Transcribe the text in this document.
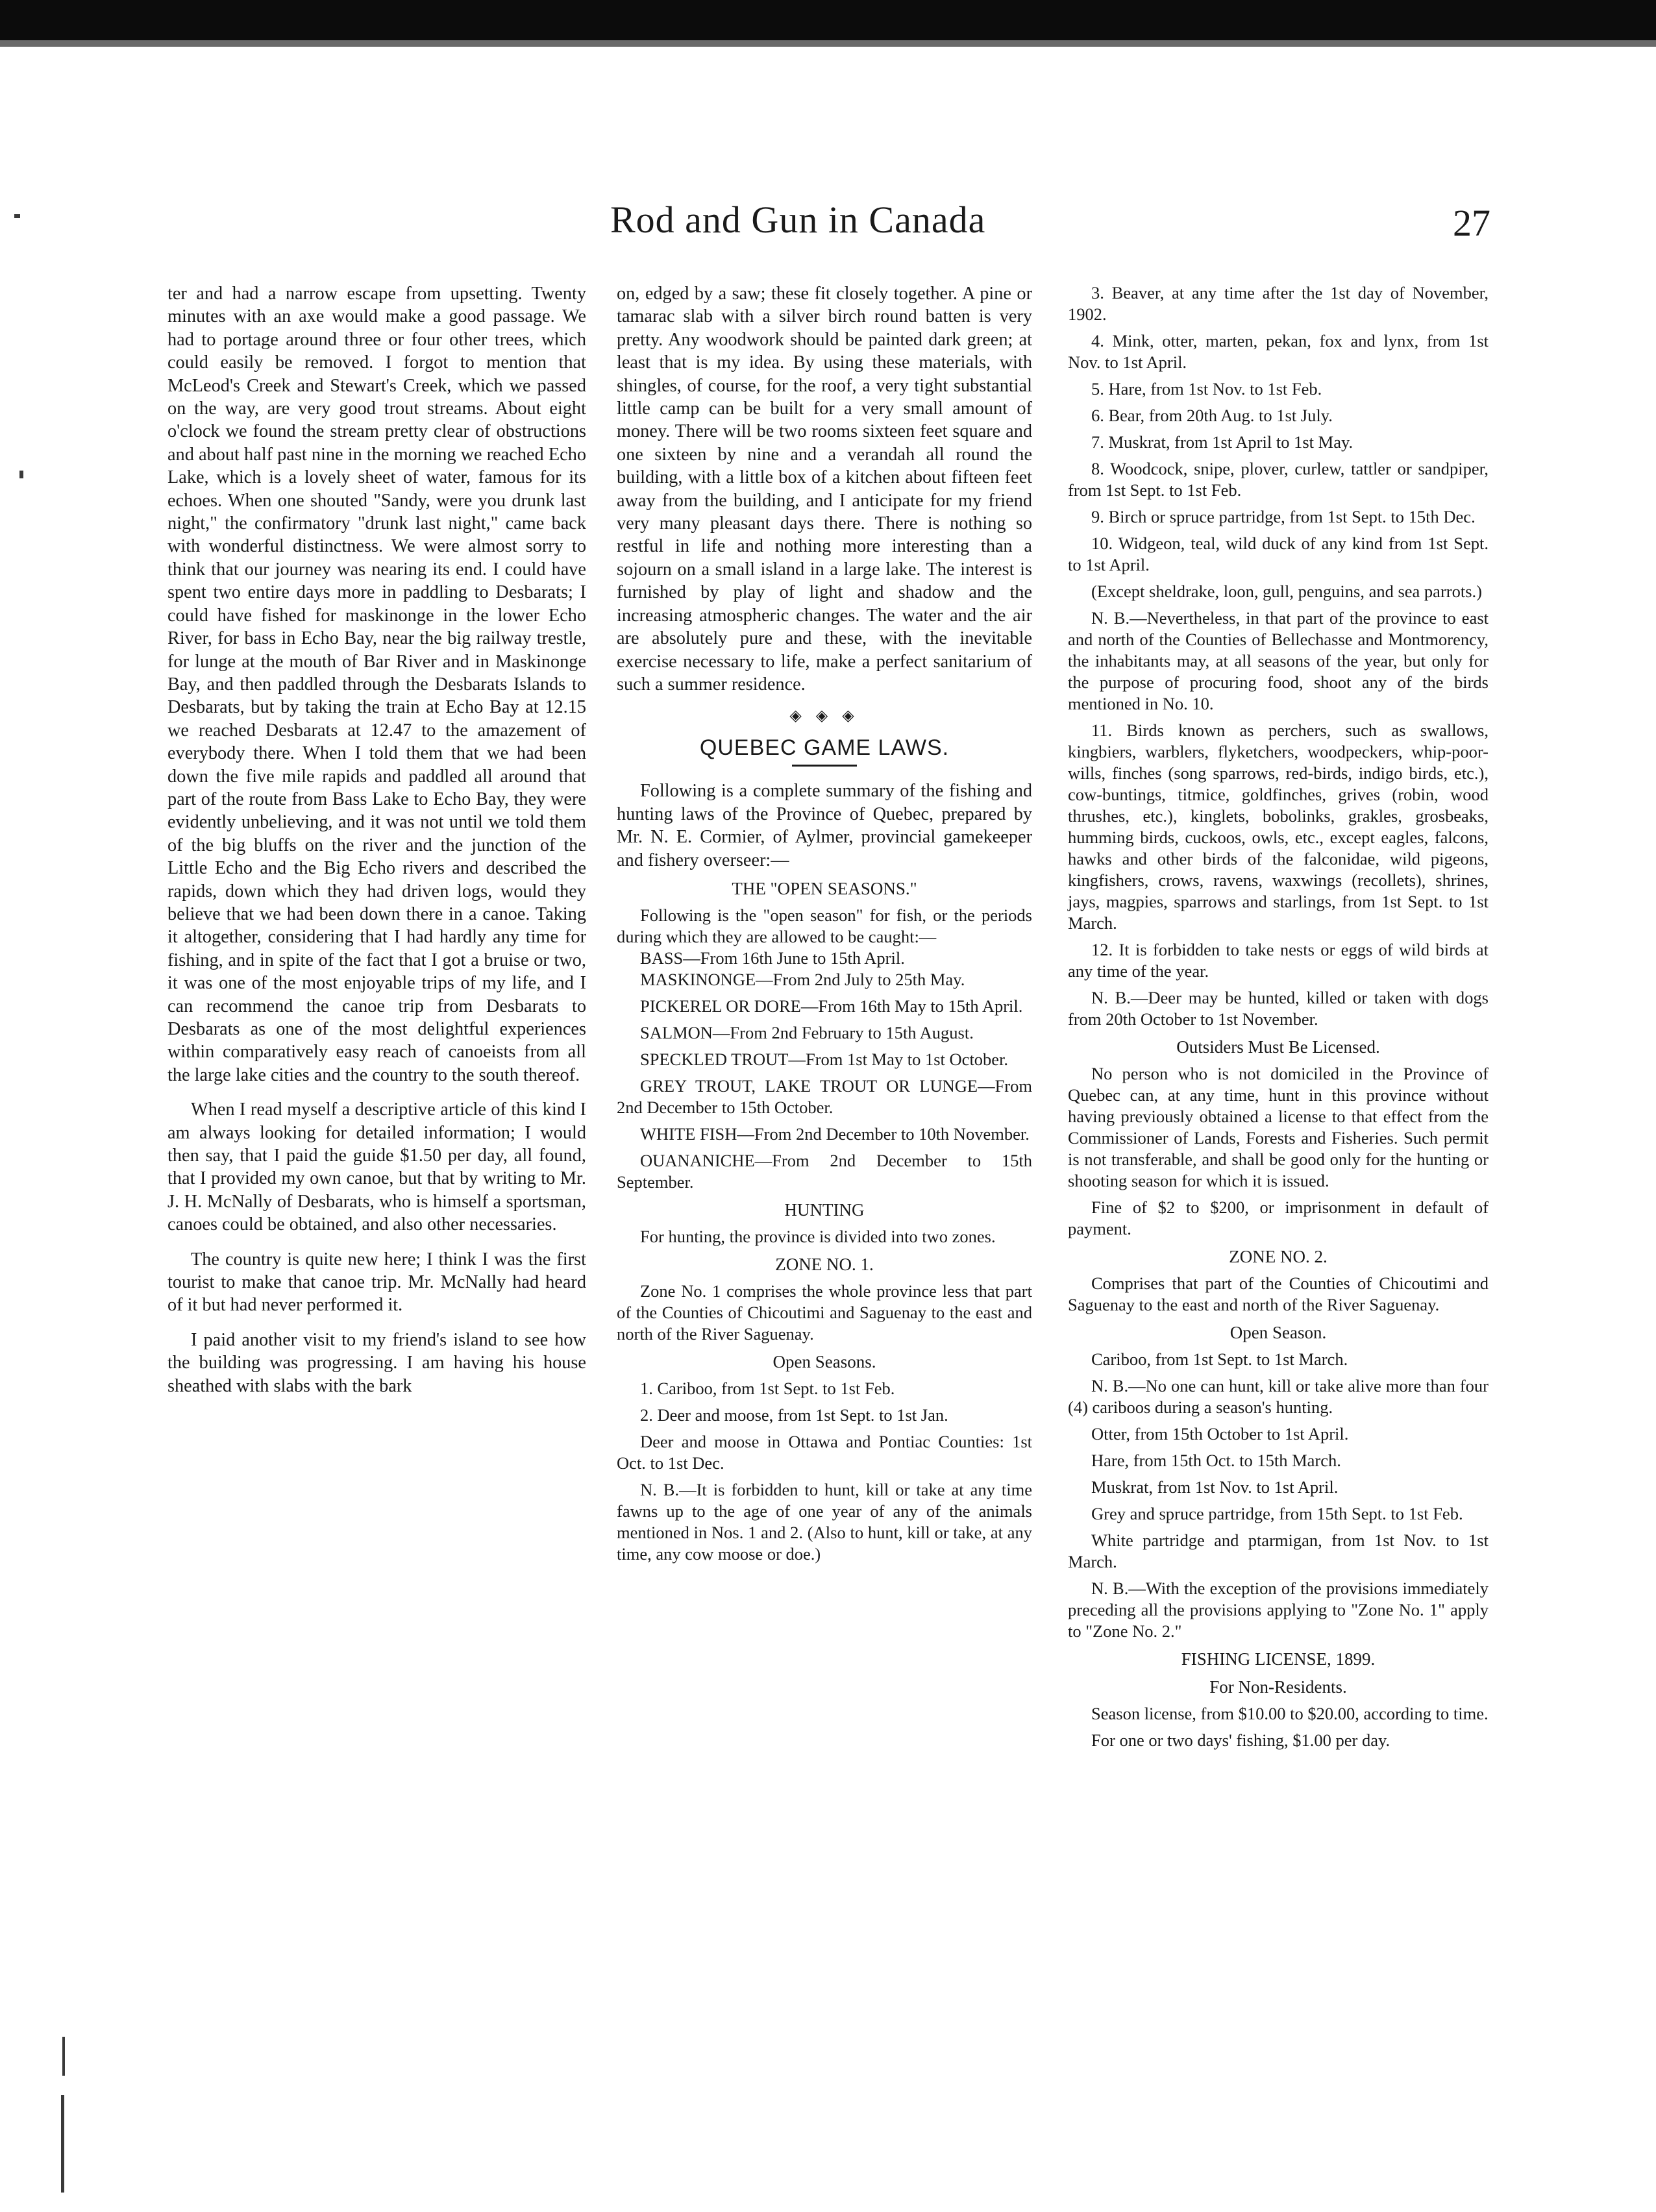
Rod and Gun in Canada	27

ter and had a narrow escape from upsetting. Twenty minutes with an axe would make a good passage. We had to portage around three or four other trees, which could easily be removed. I forgot to mention that McLeod's Creek and Stewart's Creek, which we passed on the way, are very good trout streams. About eight o'clock we found the stream pretty clear of obstructions and about half past nine in the morning we reached Echo Lake, which is a lovely sheet of water, famous for its echoes. When one shouted "Sandy, were you drunk last night," the confirmatory "drunk last night," came back with wonderful distinctness. We were almost sorry to think that our journey was nearing its end. I could have spent two entire days more in paddling to Desbarats; I could have fished for maskinonge in the lower Echo River, for bass in Echo Bay, near the big railway trestle, for lunge at the mouth of Bar River and in Maskinonge Bay, and then paddled through the Desbarats Islands to Desbarats, but by taking the train at Echo Bay at 12.15 we reached Desbarats at 12.47 to the amazement of everybody there. When I told them that we had been down the five mile rapids and paddled all around that part of the route from Bass Lake to Echo Bay, they were evidently unbelieving, and it was not until we told them of the big bluffs on the river and the junction of the Little Echo and the Big Echo rivers and described the rapids, down which they had driven logs, would they believe that we had been down there in a canoe. Taking it altogether, considering that I had hardly any time for fishing, and in spite of the fact that I got a bruise or two, it was one of the most enjoyable trips of my life, and I can recommend the canoe trip from Desbarats to Desbarats as one of the most delightful experiences within comparatively easy reach of canoeists from all the large lake cities and the country to the south thereof.

When I read myself a descriptive article of this kind I am always looking for detailed information; I would then say, that I paid the guide $1.50 per day, all found, that I provided my own canoe, but that by writing to Mr. J. H. McNally of Desbarats, who is himself a sportsman, canoes could be obtained, and also other necessaries.

The country is quite new here; I think I was the first tourist to make that canoe trip. Mr. McNally had heard of it but had never performed it.

I paid another visit to my friend's island to see how the building was progressing. I am having his house sheathed with slabs with the bark

on, edged by a saw; these fit closely together. A pine or tamarac slab with a silver birch round batten is very pretty. Any woodwork should be painted dark green; at least that is my idea. By using these materials, with shingles, of course, for the roof, a very tight substantial little camp can be built for a very small amount of money. There will be two rooms sixteen feet square and one sixteen by nine and a verandah all round the building, with a little box of a kitchen about fifteen feet away from the building, and I anticipate for my friend very many pleasant days there. There is nothing so restful in life and nothing more interesting than a sojourn on a small island in a large lake. The interest is furnished by play of light and shadow and the increasing atmospheric changes. The water and the air are absolutely pure and these, with the inevitable exercise necessary to life, make a perfect sanitarium of such a summer residence.

◈ ◈ ◈
QUEBEC GAME LAWS.

Following is a complete summary of the fishing and hunting laws of the Province of Quebec, prepared by Mr. N. E. Cormier, of Aylmer, provincial gamekeeper and fishery overseer:—

THE "OPEN SEASONS."

Following is the "open season" for fish, or the periods during which they are allowed to be caught:—

BASS—From 16th June to 15th April.

MASKINONGE—From 2nd July to 25th May.

PICKEREL OR DORE—From 16th May to 15th April.

SALMON—From 2nd February to 15th August.

SPECKLED TROUT—From 1st May to 1st October.

GREY TROUT, LAKE TROUT OR LUNGE—From 2nd December to 15th October.

WHITE FISH—From 2nd December to 10th November.

OUANANICHE—From 2nd December to 15th September.

HUNTING

For hunting, the province is divided into two zones.

ZONE NO. 1.

Zone No. 1 comprises the whole province less that part of the Counties of Chicoutimi and Saguenay to the east and north of the River Saguenay.

Open Seasons.

1. Cariboo, from 1st Sept. to 1st Feb.

2. Deer and moose, from 1st Sept. to 1st Jan.

Deer and moose in Ottawa and Pontiac Counties: 1st Oct. to 1st Dec.

N. B.—It is forbidden to hunt, kill or take at any time fawns up to the age of one year of any of the animals mentioned in Nos. 1 and 2. (Also to hunt, kill or take, at any time, any cow moose or doe.)

3. Beaver, at any time after the 1st day of November, 1902.

4. Mink, otter, marten, pekan, fox and lynx, from 1st Nov. to 1st April.

5. Hare, from 1st Nov. to 1st Feb.

6. Bear, from 20th Aug. to 1st July.

7. Muskrat, from 1st April to 1st May.

8. Woodcock, snipe, plover, curlew, tattler or sandpiper, from 1st Sept. to 1st Feb.

9. Birch or spruce partridge, from 1st Sept. to 15th Dec.

10. Widgeon, teal, wild duck of any kind from 1st Sept. to 1st April.

(Except sheldrake, loon, gull, penguins, and sea parrots.)

N. B.—Nevertheless, in that part of the province to east and north of the Counties of Bellechasse and Montmorency, the inhabitants may, at all seasons of the year, but only for the purpose of procuring food, shoot any of the birds mentioned in No. 10.

11. Birds known as perchers, such as swallows, kingbiers, warblers, flyketchers, woodpeckers, whip-poor-wills, finches (song sparrows, red-birds, indigo birds, etc.), cow-buntings, titmice, goldfinches, grives (robin, wood thrushes, etc.), kinglets, bobolinks, grakles, grosbeaks, humming birds, cuckoos, owls, etc., except eagles, falcons, hawks and other birds of the falconidae, wild pigeons, kingfishers, crows, ravens, waxwings (recollets), shrines, jays, magpies, sparrows and starlings, from 1st Sept. to 1st March.

12. It is forbidden to take nests or eggs of wild birds at any time of the year.

N. B.—Deer may be hunted, killed or taken with dogs from 20th October to 1st November.

Outsiders Must Be Licensed.

No person who is not domiciled in the Province of Quebec can, at any time, hunt in this province without having previously obtained a license to that effect from the Commissioner of Lands, Forests and Fisheries. Such permit is not transferable, and shall be good only for the hunting or shooting season for which it is issued.

Fine of $2 to $200, or imprisonment in default of payment.

ZONE NO. 2.

Comprises that part of the Counties of Chicoutimi and Saguenay to the east and north of the River Saguenay.

Open Season.

Cariboo, from 1st Sept. to 1st March.

N. B.—No one can hunt, kill or take alive more than four (4) cariboos during a season's hunting.

Otter, from 15th October to 1st April.

Hare, from 15th Oct. to 15th March.

Muskrat, from 1st Nov. to 1st April.

Grey and spruce partridge, from 15th Sept. to 1st Feb.

White partridge and ptarmigan, from 1st Nov. to 1st March.

N. B.—With the exception of the provisions immediately preceding all the provisions applying to "Zone No. 1" apply to "Zone No. 2."

FISHING LICENSE, 1899.
For Non-Residents.

Season license, from $10.00 to $20.00, according to time.

For one or two days' fishing, $1.00 per day.
